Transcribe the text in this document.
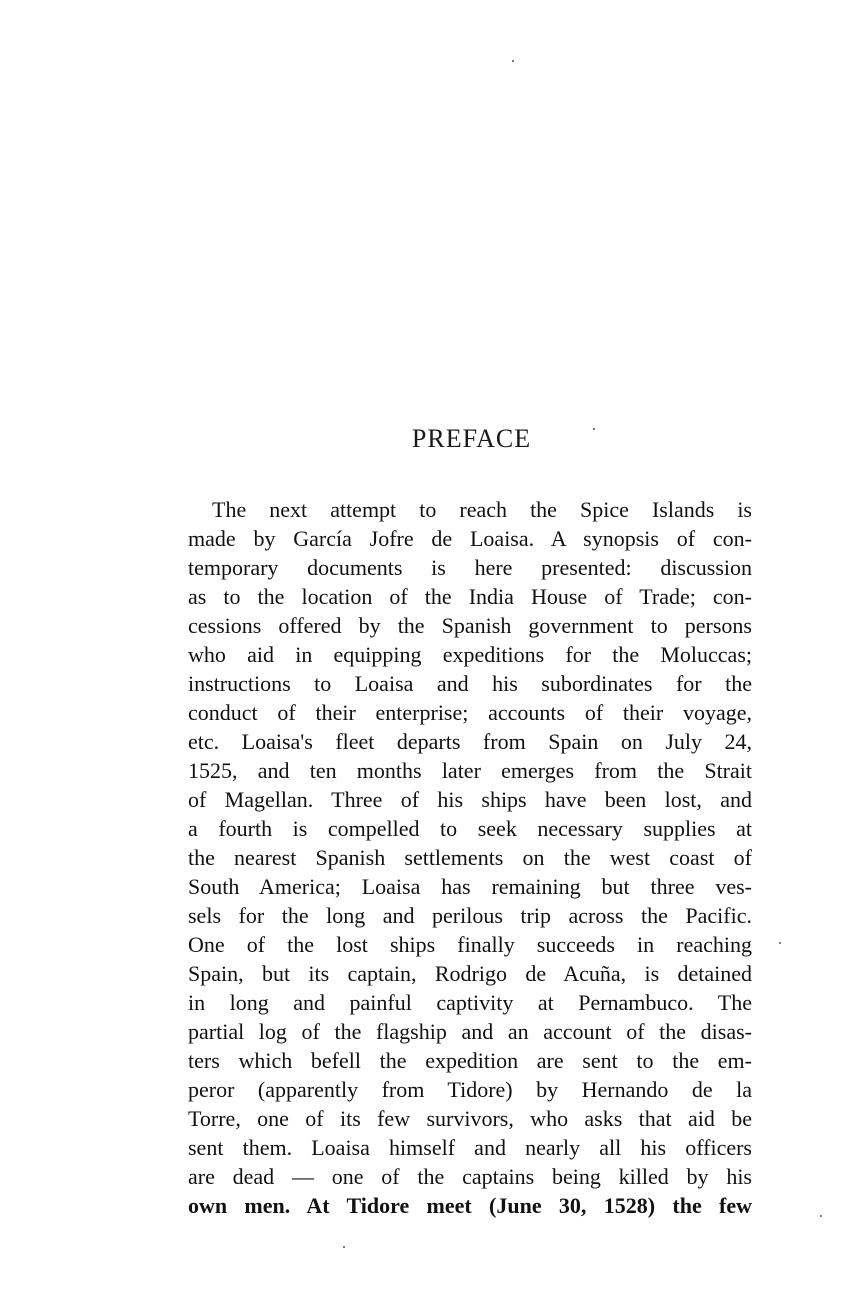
PREFACE
The next attempt to reach the Spice Islands is
made by García Jofre de Loaisa. A synopsis of con-
temporary documents is here presented: discussion
as to the location of the India House of Trade; con-
cessions offered by the Spanish government to persons
who aid in equipping expeditions for the Moluccas;
instructions to Loaisa and his subordinates for the
conduct of their enterprise; accounts of their voyage,
etc. Loaisa's fleet departs from Spain on July 24,
1525, and ten months later emerges from the Strait
of Magellan. Three of his ships have been lost, and
a fourth is compelled to seek necessary supplies at
the nearest Spanish settlements on the west coast of
South America; Loaisa has remaining but three ves-
sels for the long and perilous trip across the Pacific.
One of the lost ships finally succeeds in reaching
Spain, but its captain, Rodrigo de Acuña, is detained
in long and painful captivity at Pernambuco. The
partial log of the flagship and an account of the disas-
ters which befell the expedition are sent to the em-
peror (apparently from Tidore) by Hernando de la
Torre, one of its few survivors, who asks that aid be
sent them. Loaisa himself and nearly all his officers
are dead — one of the captains being killed by his
own men. At Tidore meet (June 30, 1528) the few
